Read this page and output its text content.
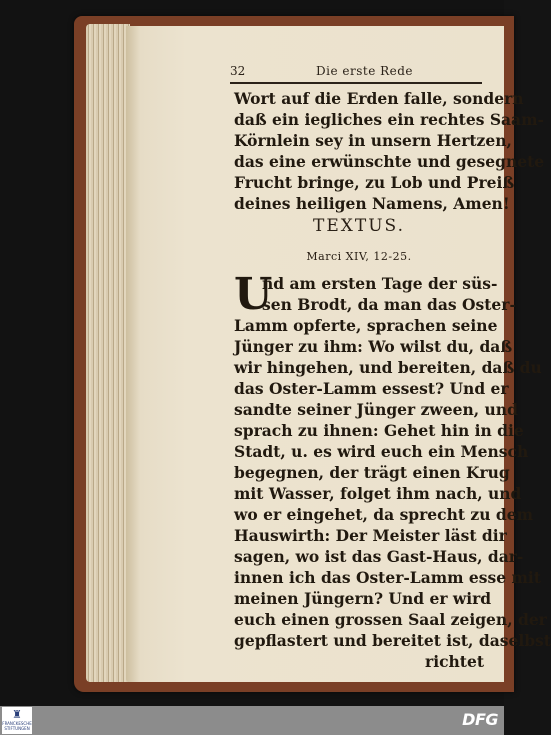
32	Die erste Rede
Wort auf die Erden falle, sondern
daß ein iegliches ein rechtes Saam-
Körnlein sey in unsern Hertzen,
das eine erwünschte und gesegnete
Frucht bringe, zu Lob und Preiß
deines heiligen Namens, Amen!
TEXTUS.
Marci XIV, 12-25.
U
nd am ersten Tage der süs-
sen Brodt, da man das Oster-
Lamm opferte, sprachen seine
Jünger zu ihm: Wo wilst du, daß
wir hingehen, und bereiten, daß du
das Oster-Lamm essest? Und er
sandte seiner Jünger zween, und
sprach zu ihnen: Gehet hin in die
Stadt, u. es wird euch ein Mensch
begegnen, der trägt einen Krug
mit Wasser, folget ihm nach, und
wo er eingehet, da sprecht zu dem
Hauswirth: Der Meister läst dir
sagen, wo ist das Gast-Haus, dar-
innen ich das Oster-Lamm esse mit
meinen Jüngern? Und er wird
euch einen grossen Saal zeigen, der
gepflastert und bereitet ist, daselbst
richtet
♜
FRANCKESCHE STIFTUNGEN	DFG
